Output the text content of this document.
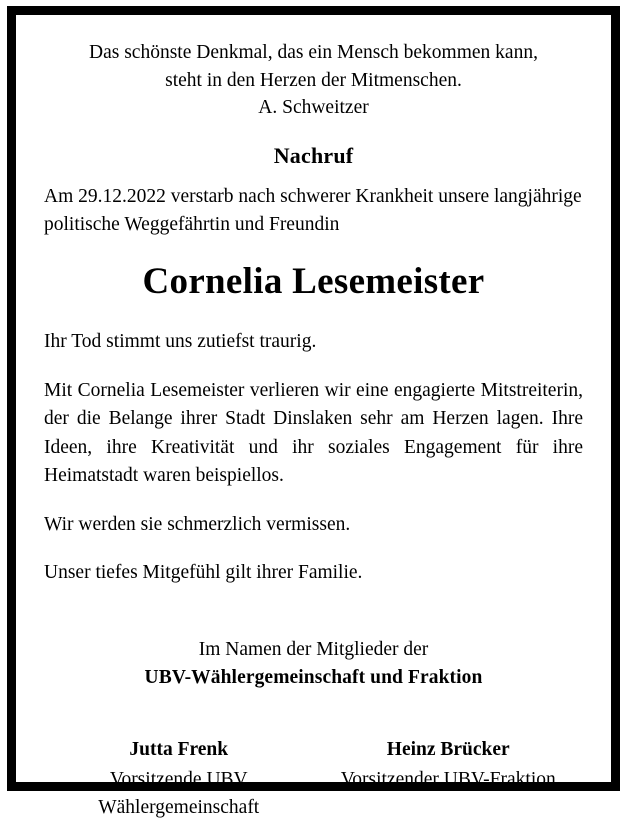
Das schönste Denkmal, das ein Mensch bekommen kann,
steht in den Herzen der Mitmenschen.
A. Schweitzer
Nachruf

Am 29.12.2022 verstarb nach schwerer Krankheit unsere langjährige politische Weggefährtin und Freundin

Cornelia Lesemeister

Ihr Tod stimmt uns zutiefst traurig.

Mit Cornelia Lesemeister verlieren wir eine engagierte Mitstreiterin, der die Belange ihrer Stadt Dinslaken sehr am Herzen lagen. Ihre Ideen, ihre Kreativität und ihr soziales Engagement für ihre Heimatstadt waren beispiellos.

Wir werden sie schmerzlich vermissen.

Unser tiefes Mitgefühl gilt ihrer Familie.

Im Namen der Mitglieder der
UBV-Wählergemeinschaft und Fraktion
Jutta Frenk
Vorsitzende UBV
Wählergemeinschaft
Heinz Brücker
Vorsitzender UBV-Fraktion
